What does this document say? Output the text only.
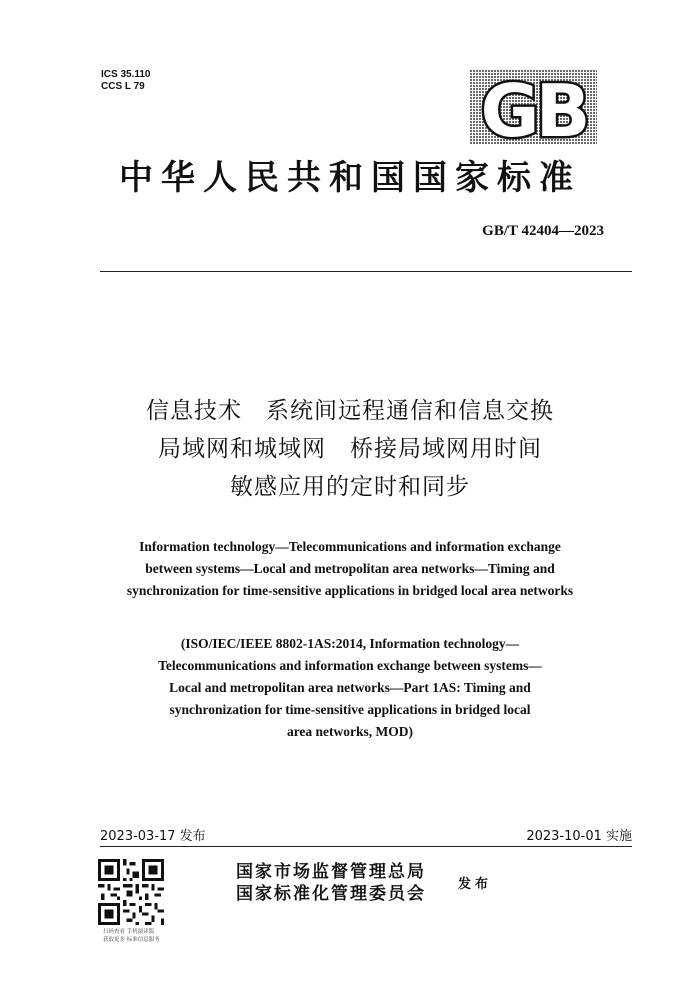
ICS 35.110
CCS L 79	GB
中华人民共和国国家标准
GB/T 42404—2023
信息技术　系统间远程通信和信息交换
局域网和城域网　桥接局域网用时间
敏感应用的定时和同步
Information technology—Telecommunications and information exchange
between systems—Local and metropolitan area networks—Timing and
synchronization for time-sensitive applications in bridged local area networks
(ISO/IEC/IEEE 8802-1AS:2014, Information technology—
Telecommunications and information exchange between systems—
Local and metropolitan area networks—Part 1AS: Timing and
synchronization for time-sensitive applications in bridged local
area networks, MOD)
2023-03-17 发布	2023-10-01 实施
扫码查看 手机阅读版
获取更多 标准信息服务
国家市场监督管理总局
国家标准化管理委员会 发布
